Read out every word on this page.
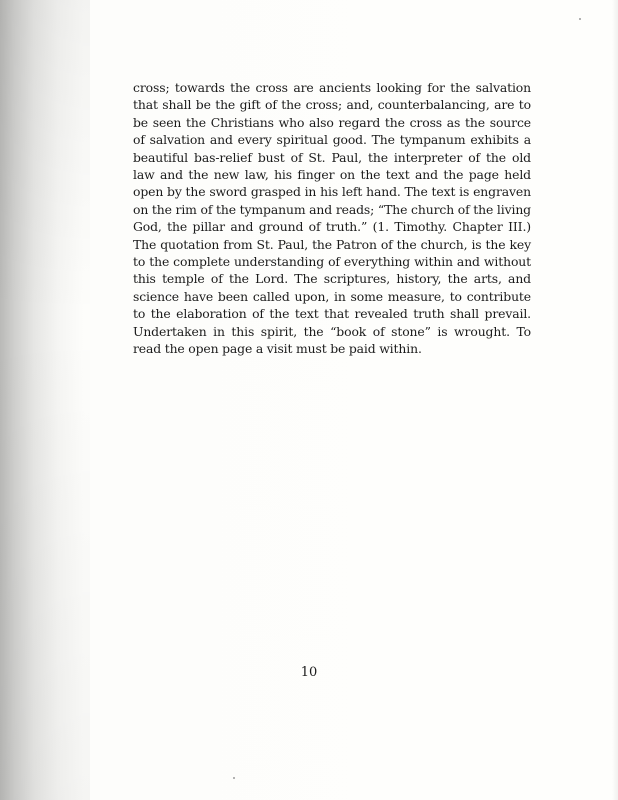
cross; towards the cross are ancients looking for the salvation that shall be the gift of the cross; and, counterbalancing, are to be seen the Christians who also regard the cross as the source of salvation and every spiritual good. The tympanum exhibits a beautiful bas-relief bust of St. Paul, the interpreter of the old law and the new law, his finger on the text and the page held open by the sword grasped in his left hand. The text is engraven on the rim of the tympanum and reads; “The church of the living God, the pillar and ground of truth.” (1. Timothy. Chapter III.) The quotation from St. Paul, the Patron of the church, is the key to the complete understanding of everything within and without this temple of the Lord. The scriptures, history, the arts, and science have been called upon, in some measure, to contribute to the elaboration of the text that revealed truth shall prevail. Undertaken in this spirit, the “book of stone” is wrought. To read the open page a visit must be paid within.

10
